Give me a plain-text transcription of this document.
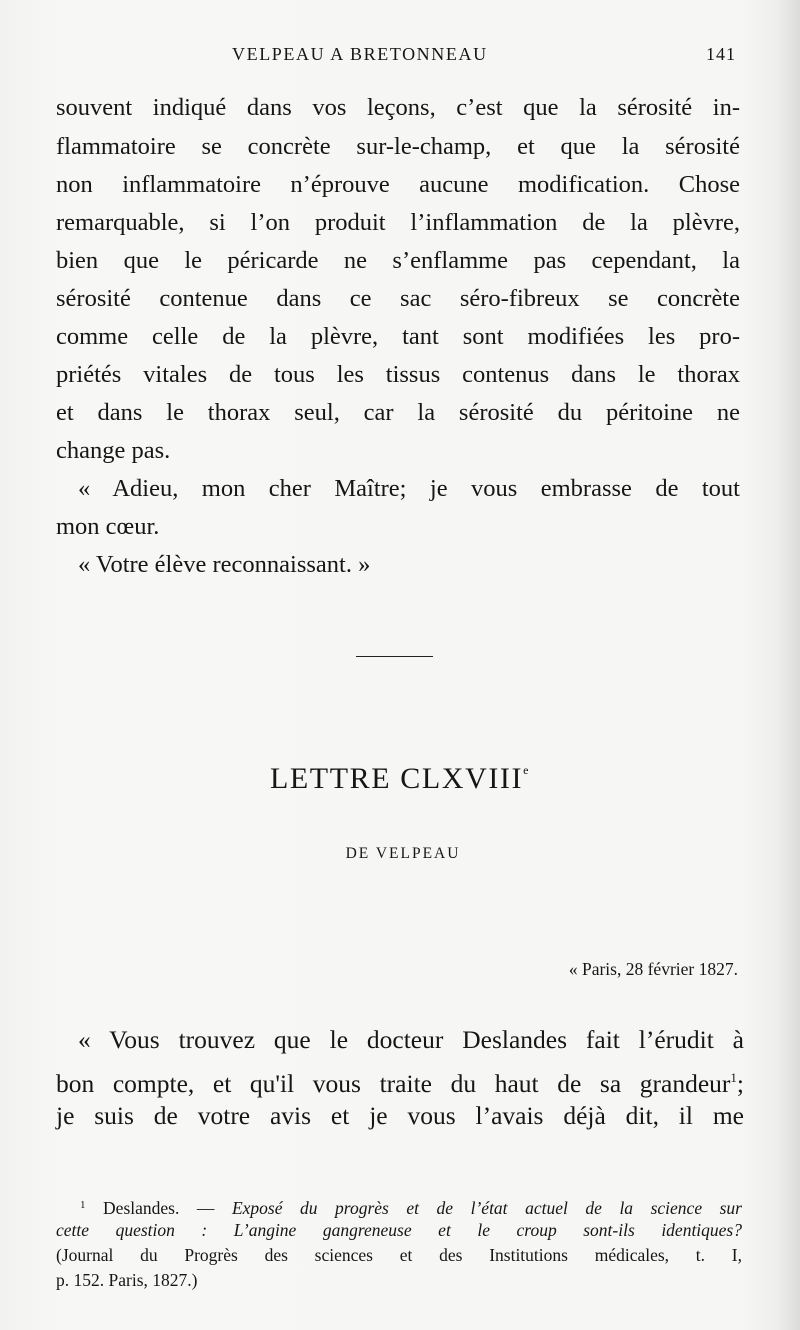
VELPEAU A BRETONNEAU	141
souvent indiqué dans vos leçons, c’est que la sérosité in-
flammatoire se concrète sur-le-champ, et que la sérosité
non inflammatoire n’éprouve aucune modification. Chose
remarquable, si l’on produit l’inflammation de la plèvre,
bien que le péricarde ne s’enflamme pas cependant, la
sérosité contenue dans ce sac séro-fibreux se concrète
comme celle de la plèvre, tant sont modifiées les pro-
priétés vitales de tous les tissus contenus dans le thorax
et dans le thorax seul, car la sérosité du péritoine ne
change pas.
« Adieu, mon cher Maître; je vous embrasse de tout
mon cœur.
« Votre élève reconnaissant. »
LETTRE CLXVIIIe
DE VELPEAU
« Paris, 28 février 1827.
« Vous trouvez que le docteur Deslandes fait l’érudit à
bon compte, et qu'il vous traite du haut de sa grandeur$^1$;
je suis de votre avis et je vous l’avais déjà dit, il me
$^1$ Deslandes. — Exposé du progrès et de l’état actuel de la science sur
cette question : L’angine gangreneuse et le croup sont-ils identiques?
(Journal du Progrès des sciences et des Institutions médicales, t. I,
p. 152. Paris, 1827.)
